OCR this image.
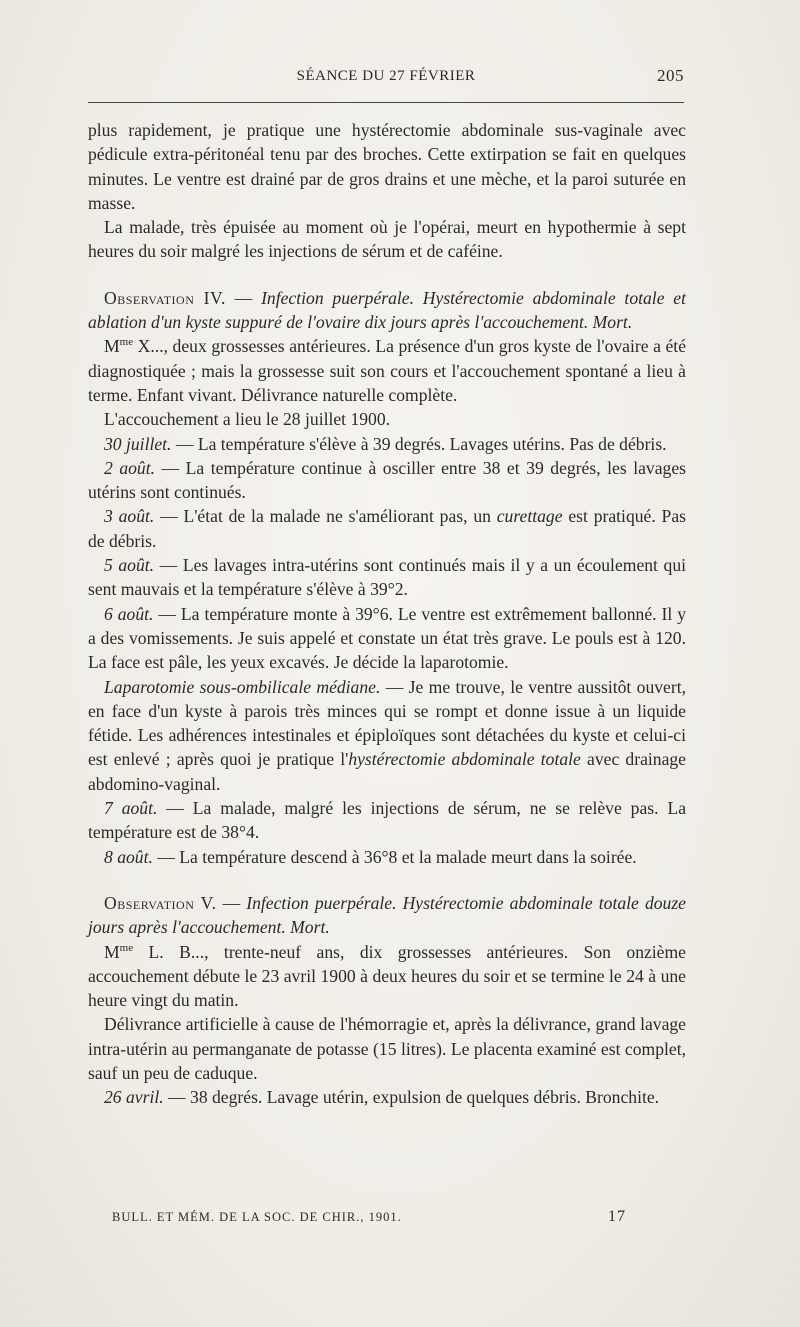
SÉANCE DU 27 FÉVRIER	205

plus rapidement, je pratique une hystérectomie abdominale sus-vaginale avec pédicule extra-péritonéal tenu par des broches. Cette extirpation se fait en quelques minutes. Le ventre est drainé par de gros drains et une mèche, et la paroi suturée en masse.

La malade, très épuisée au moment où je l'opérai, meurt en hypothermie à sept heures du soir malgré les injections de sérum et de caféine.

Observation IV. — Infection puerpérale. Hystérectomie abdominale totale et ablation d'un kyste suppuré de l'ovaire dix jours après l'accouchement. Mort.

$M^{me}$ X..., deux grossesses antérieures. La présence d'un gros kyste de l'ovaire a été diagnostiquée ; mais la grossesse suit son cours et l'accouchement spontané a lieu à terme. Enfant vivant. Délivrance naturelle complète.

L'accouchement a lieu le 28 juillet 1900.

30 juillet. — La température s'élève à 39 degrés. Lavages utérins. Pas de débris.

2 août. — La température continue à osciller entre 38 et 39 degrés, les lavages utérins sont continués.

3 août. — L'état de la malade ne s'améliorant pas, un curettage est pratiqué. Pas de débris.

5 août. — Les lavages intra-utérins sont continués mais il y a un écoulement qui sent mauvais et la température s'élève à 39°2.

6 août. — La température monte à 39°6. Le ventre est extrêmement ballonné. Il y a des vomissements. Je suis appelé et constate un état très grave. Le pouls est à 120. La face est pâle, les yeux excavés. Je décide la laparotomie.

Laparotomie sous-ombilicale médiane. — Je me trouve, le ventre aussitôt ouvert, en face d'un kyste à parois très minces qui se rompt et donne issue à un liquide fétide. Les adhérences intestinales et épiploïques sont détachées du kyste et celui-ci est enlevé ; après quoi je pratique l'hystérectomie abdominale totale avec drainage abdomino-vaginal.

7 août. — La malade, malgré les injections de sérum, ne se relève pas. La température est de 38°4.

8 août. — La température descend à 36°8 et la malade meurt dans la soirée.

Observation V. — Infection puerpérale. Hystérectomie abdominale totale douze jours après l'accouchement. Mort.

$M^{me}$ L. B..., trente-neuf ans, dix grossesses antérieures. Son onzième accouchement débute le 23 avril 1900 à deux heures du soir et se termine le 24 à une heure vingt du matin.

Délivrance artificielle à cause de l'hémorragie et, après la délivrance, grand lavage intra-utérin au permanganate de potasse (15 litres). Le placenta examiné est complet, sauf un peu de caduque.

26 avril. — 38 degrés. Lavage utérin, expulsion de quelques débris. Bronchite.

BULL. ET MÉM. DE LA SOC. DE CHIR., 1901.	17
